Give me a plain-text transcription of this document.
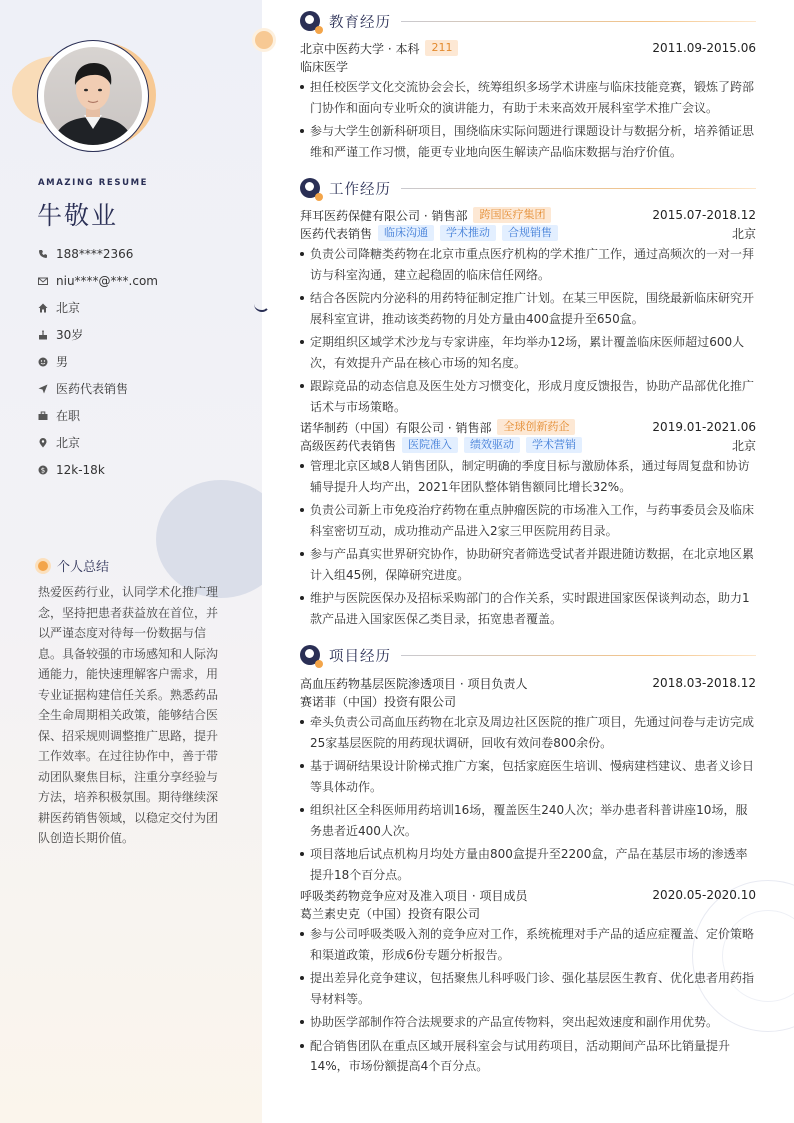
AMAZING RESUME
牛敬业
188****2366
niu****@***.com
北京
30岁
男
医药代表销售
在职
北京
$ 12k-18k
个人总结
热爱医药行业，认同学术化推广理念，坚持把患者获益放在首位，并以严谨态度对待每一份数据与信息。具备较强的市场感知和人际沟通能力，能快速理解客户需求，用专业证据构建信任关系。熟悉药品全生命周期相关政策，能够结合医保、招采规则调整推广思路，提升工作效率。在过往协作中，善于带动团队聚焦目标，注重分享经验与方法，培养积极氛围。期待继续深耕医药销售领域，以稳定交付为团队创造长期价值。
教育经历
北京中医药大学 · 本科	211	2011.09-2015.06
临床医学
担任校医学文化交流协会会长，统筹组织多场学术讲座与临床技能竞赛，锻炼了跨部门协作和面向专业听众的演讲能力，有助于未来高效开展科室学术推广会议。
参与大学生创新科研项目，围绕临床实际问题进行课题设计与数据分析，培养循证思维和严谨工作习惯，能更专业地向医生解读产品临床数据与治疗价值。
工作经历
拜耳医药保健有限公司 · 销售部	跨国医疗集团	2015.07-2018.12
医药代表销售	临床沟通	学术推动	合规销售	北京
负责公司降糖类药物在北京市重点医疗机构的学术推广工作，通过高频次的一对一拜访与科室沟通，建立起稳固的临床信任网络。
结合各医院内分泌科的用药特征制定推广计划。在某三甲医院，围绕最新临床研究开展科室宣讲，推动该类药物的月处方量由400盒提升至650盒。
定期组织区域学术沙龙与专家讲座，年均举办12场，累计覆盖临床医师超过600人次，有效提升产品在核心市场的知名度。
跟踪竞品的动态信息及医生处方习惯变化，形成月度反馈报告，协助产品部优化推广话术与市场策略。
诺华制药（中国）有限公司 · 销售部	全球创新药企	2019.01-2021.06
高级医药代表销售	医院准入	绩效驱动	学术营销	北京
管理北京区域8人销售团队，制定明确的季度目标与激励体系，通过每周复盘和协访辅导提升人均产出，2021年团队整体销售额同比增长32%。
负责公司新上市免疫治疗药物在重点肿瘤医院的市场准入工作，与药事委员会及临床科室密切互动，成功推动产品进入2家三甲医院用药目录。
参与产品真实世界研究协作，协助研究者筛选受试者并跟进随访数据，在北京地区累计入组45例，保障研究进度。
维护与医院医保办及招标采购部门的合作关系，实时跟进国家医保谈判动态，助力1款产品进入国家医保乙类目录，拓宽患者覆盖。
项目经历
高血压药物基层医院渗透项目 · 项目负责人	2018.03-2018.12
赛诺菲（中国）投资有限公司
牵头负责公司高血压药物在北京及周边社区医院的推广项目，先通过问卷与走访完成25家基层医院的用药现状调研，回收有效问卷800余份。
基于调研结果设计阶梯式推广方案，包括家庭医生培训、慢病建档建议、患者义诊日等具体动作。
组织社区全科医师用药培训16场，覆盖医生240人次；举办患者科普讲座10场，服务患者近400人次。
项目落地后试点机构月均处方量由800盒提升至2200盒，产品在基层市场的渗透率提升18个百分点。
呼吸类药物竞争应对及准入项目 · 项目成员	2020.05-2020.10
葛兰素史克（中国）投资有限公司
参与公司呼吸类吸入剂的竞争应对工作，系统梳理对手产品的适应症覆盖、定价策略和渠道政策，形成6份专题分析报告。
提出差异化竞争建议，包括聚焦儿科呼吸门诊、强化基层医生教育、优化患者用药指导材料等。
协助医学部制作符合法规要求的产品宣传物料，突出起效速度和副作用优势。
配合销售团队在重点区域开展科室会与试用药项目，活动期间产品环比销量提升14%，市场份额提高4个百分点。
